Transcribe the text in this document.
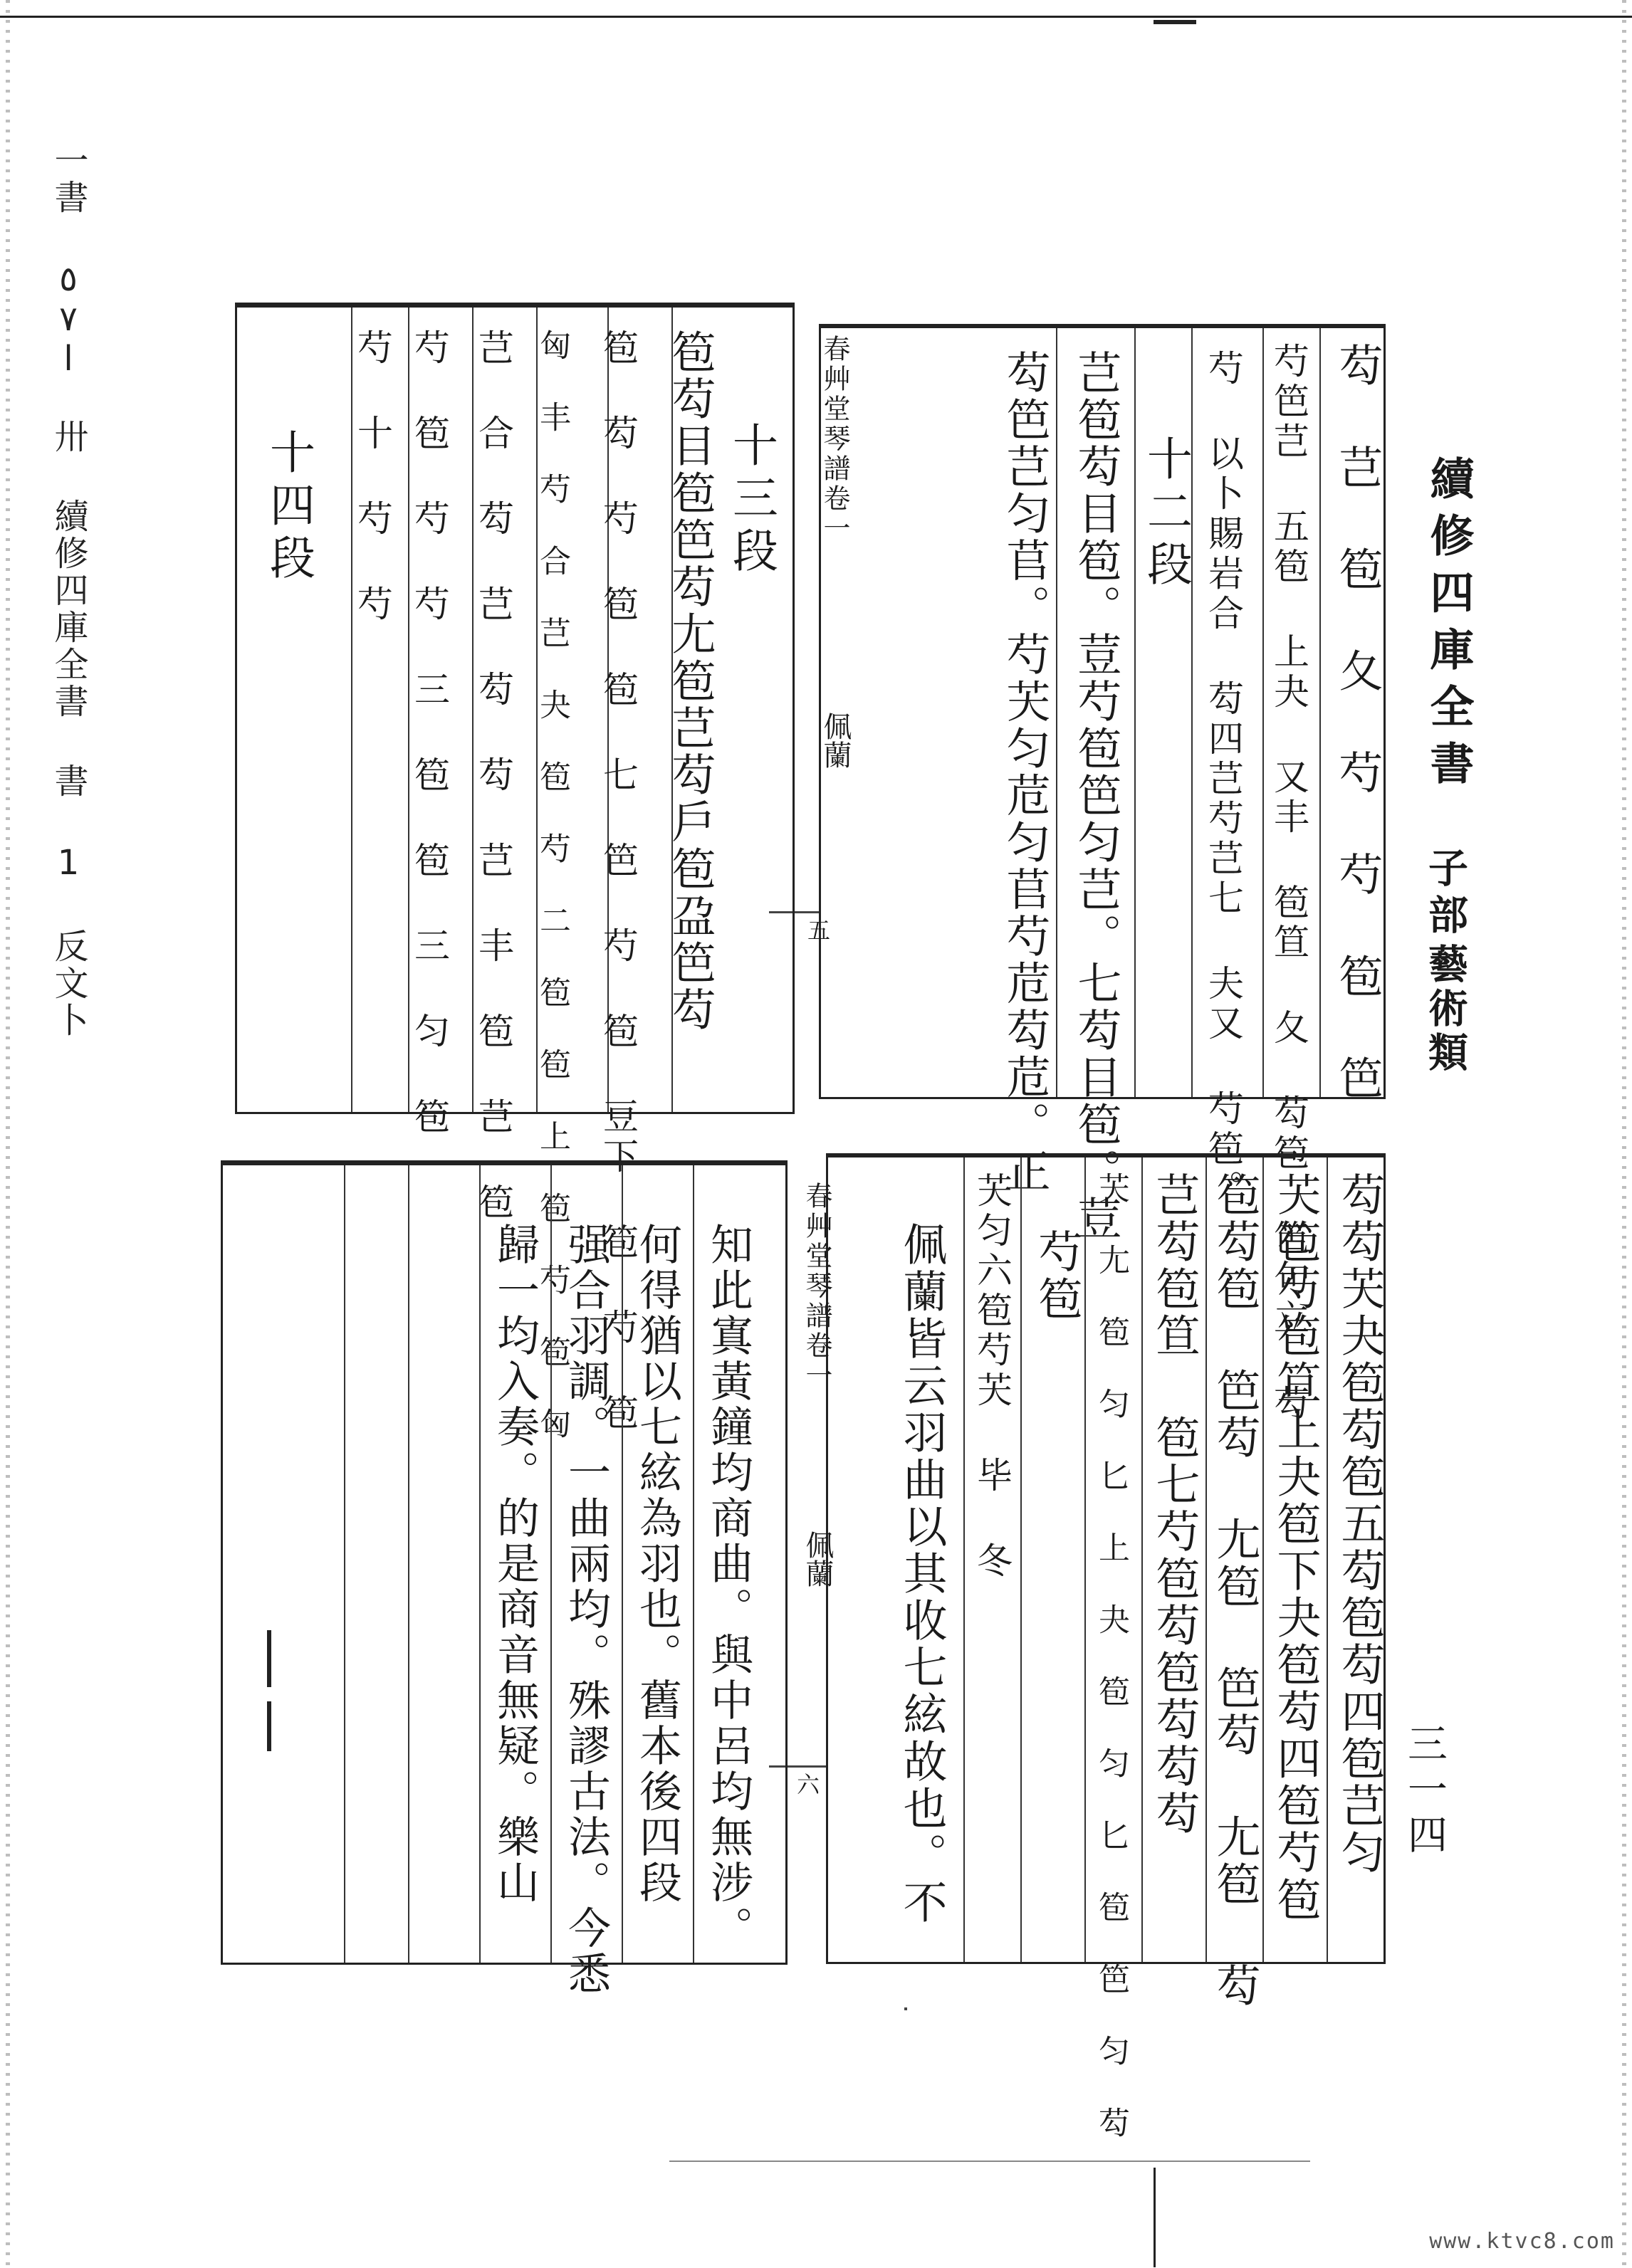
一書 ا٥٧ 卅 續修四庫全書 書 1 反文卜	續修四庫全書
子部
藝術類
三一四
芶 芑 笣 夂 芍 芍 笣 笆
芍笆芑 五笣 上夬 又丰 笣笪 夂 芶笣 笆句立 芶
芍 以卜賜岩合 芶四芑芍芑七 夫又 芍笣。
十二段
芑笣芶目笣。荳芍笣笆匀芑。七芶目笣。荳
芶笆芑匀苢。芍芖匀苊匀苢芍苊芶苊。正
春艸堂琴譜卷一
佩蘭
五
十三段
笣芶目笣笆芶尢笣芑芶戶笣盁笆芶
笣 芶 芍 笣 笣 七 笆 芍 笣 豆下 笣 芍 笣
匈 丰 芍 合 芑 夬 笣 芍 二 笣 笣 上 笣 芍 笣 匈
芑 合 芶 芑 芶 芶 芑 丰 笣 芑 笣
芍 笣 芍 芍 三 笣 笣 三 匀 笣
芍 十 芍 芍
十四段
芶芶芖夬笣芶笣五芶笣芶四笣芑匀
芖笣芍笣笪上夬笣下夬笣芶四笣芍笣
笣芶笣 笆芶 尢笣 笆芶 尢笣 芶
芑芶笣笪 笣七芍笣芶笣芶芶芶
芖 尢 笣 匀 匕 上 夬 笣 匀 匕 笣 笆 匀 芶
芍笣
芖匀六笣芍芖 毕 冬
佩蘭皆云羽曲以其收七絃故也。不
春艸堂琴譜卷一
佩蘭
六
知此寘黃鐘均商曲。與中呂均無涉。
何得猶以七絃為羽也。舊本後四段
强合羽調。一曲兩均。殊謬古法。今悉
歸一均入奏。的是商音無疑。樂山
www.ktvc8.com
